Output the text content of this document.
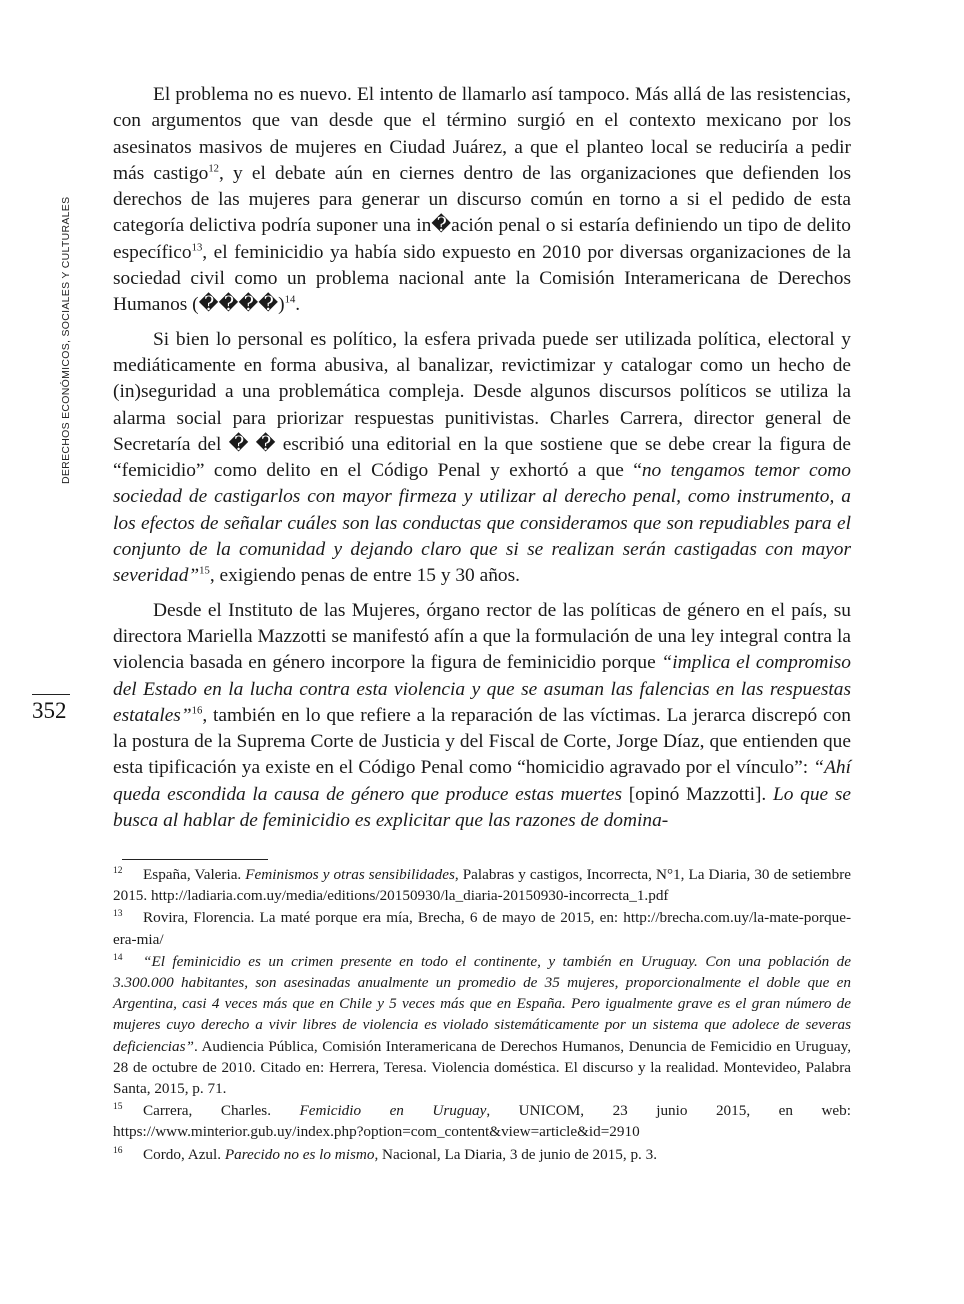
DERECHOS ECONÓMICOS, SOCIALES Y CULTURALES
352

El problema no es nuevo. El intento de llamarlo así tampoco. Más allá de las resistencias, con argumentos que van desde que el término surgió en el contexto mexicano por los asesinatos masivos de mujeres en Ciudad Juárez, a que el planteo local se reduciría a pedir más castigo$^{12}$, y el debate aún en ciernes dentro de las organizaciones que defienden los derechos de las mujeres para generar un discurso común en torno a si el pedido de esta categoría delictiva podría suponer una in�ación penal o si estaría definiendo un tipo de delito específico$^{13}$, el feminicidio ya había sido expuesto en 2010 por diversas organizaciones de la sociedad civil como un problema nacional ante la Comisión Interamericana de Derechos Humanos (����)$^{14}$.

Si bien lo personal es político, la esfera privada puede ser utilizada política, electoral y mediáticamente en forma abusiva, al banalizar, revictimizar y catalogar como un hecho de (in)seguridad a una problemática compleja. Desde algunos discursos políticos se utiliza la alarma social para priorizar respuestas punitivistas. Charles Carrera, director general de Secretaría del � � escribió una editorial en la que sostiene que se debe crear la figura de “femicidio” como delito en el Código Penal y exhortó a que “no tengamos temor como sociedad de castigarlos con mayor firmeza y utilizar al derecho penal, como instrumento, a los efectos de señalar cuáles son las conductas que consideramos que son repudiables para el conjunto de la comunidad y dejando claro que si se realizan serán castigadas con mayor severidad”$^{15}$, exigiendo penas de entre 15 y 30 años.

Desde el Instituto de las Mujeres, órgano rector de las políticas de género en el país, su directora Mariella Mazzotti se manifestó afín a que la formulación de una ley integral contra la violencia basada en género incorpore la figura de feminicidio porque “implica el compromiso del Estado en la lucha contra esta violencia y que se asuman las falencias en las respuestas estatales”$^{16}$, también en lo que refiere a la reparación de las víctimas. La jerarca discrepó con la postura de la Suprema Corte de Justicia y del Fiscal de Corte, Jorge Díaz, que entienden que esta tipificación ya existe en el Código Penal como “homicidio agravado por el vínculo”: “Ahí queda escondida la causa de género que produce estas muertes [opinó Mazzotti]. Lo que se busca al hablar de feminicidio es explicitar que las razones de domina-

12 España, Valeria. Feminismos y otras sensibilidades, Palabras y castigos, Incorrecta, N°1, La Diaria, 30 de setiembre 2015. http://ladiaria.com.uy/media/editions/20150930/la_diaria-20150930-incorrecta_1.pdf
13 Rovira, Florencia. La maté porque era mía, Brecha, 6 de mayo de 2015, en: http://brecha.com.uy/la-mate-porque-era-mia/
14 “El feminicidio es un crimen presente en todo el continente, y también en Uruguay. Con una población de 3.300.000 habitantes, son asesinadas anualmente un promedio de 35 mujeres, proporcionalmente el doble que en Argentina, casi 4 veces más que en Chile y 5 veces más que en España. Pero igualmente grave es el gran número de mujeres cuyo derecho a vivir libres de violencia es violado sistemáticamente por un sistema que adolece de severas deficiencias”. Audiencia Pública, Comisión Interamericana de Derechos Humanos, Denuncia de Femicidio en Uruguay, 28 de octubre de 2010. Citado en: Herrera, Teresa. Violencia doméstica. El discurso y la realidad. Montevideo, Palabra Santa, 2015, p. 71.
15 Carrera, Charles. Femicidio en Uruguay, UNICOM, 23 junio 2015, en web: https://www.minterior.gub.uy/index.php?option=com_content&view=article&id=2910
16 Cordo, Azul. Parecido no es lo mismo, Nacional, La Diaria, 3 de junio de 2015, p. 3.
